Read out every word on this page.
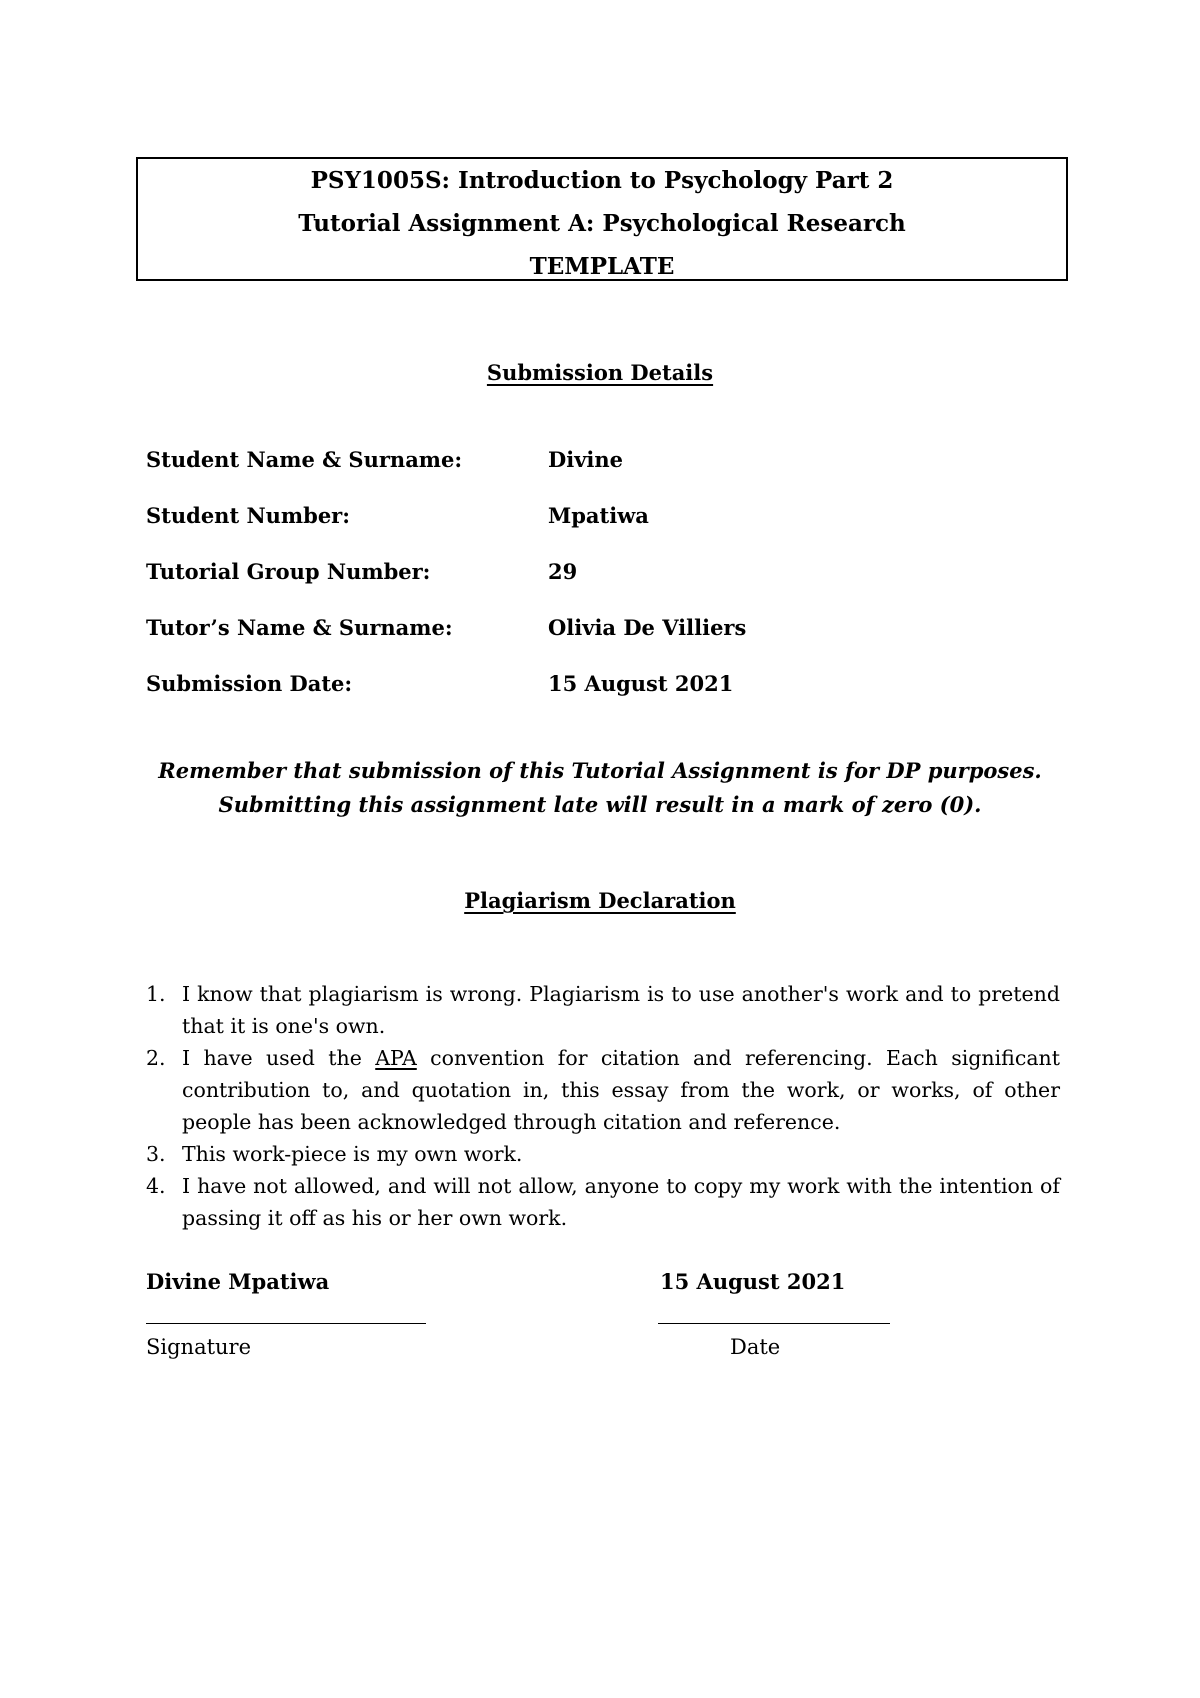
PSY1005S: Introduction to Psychology Part 2
Tutorial Assignment A: Psychological Research
TEMPLATE
Submission Details
Student Name & Surname:	Divine
Student Number:	Mpatiwa
Tutorial Group Number:	29
Tutor’s Name & Surname:	Olivia De Villiers
Submission Date:	15 August 2021
Remember that submission of this Tutorial Assignment is for DP purposes.
Submitting this assignment late will result in a mark of zero (0).
Plagiarism Declaration
1. I know that plagiarism is wrong. Plagiarism is to use another's work and to pretend that it is one's own.
2. I have used the APA convention for citation and referencing. Each significant contribution to, and quotation in, this essay from the work, or works, of other people has been acknowledged through citation and reference.
3. This work-piece is my own work.
4. I have not allowed, and will not allow, anyone to copy my work with the intention of passing it off as his or her own work.
Divine Mpatiwa	15 August 2021
Signature	Date
